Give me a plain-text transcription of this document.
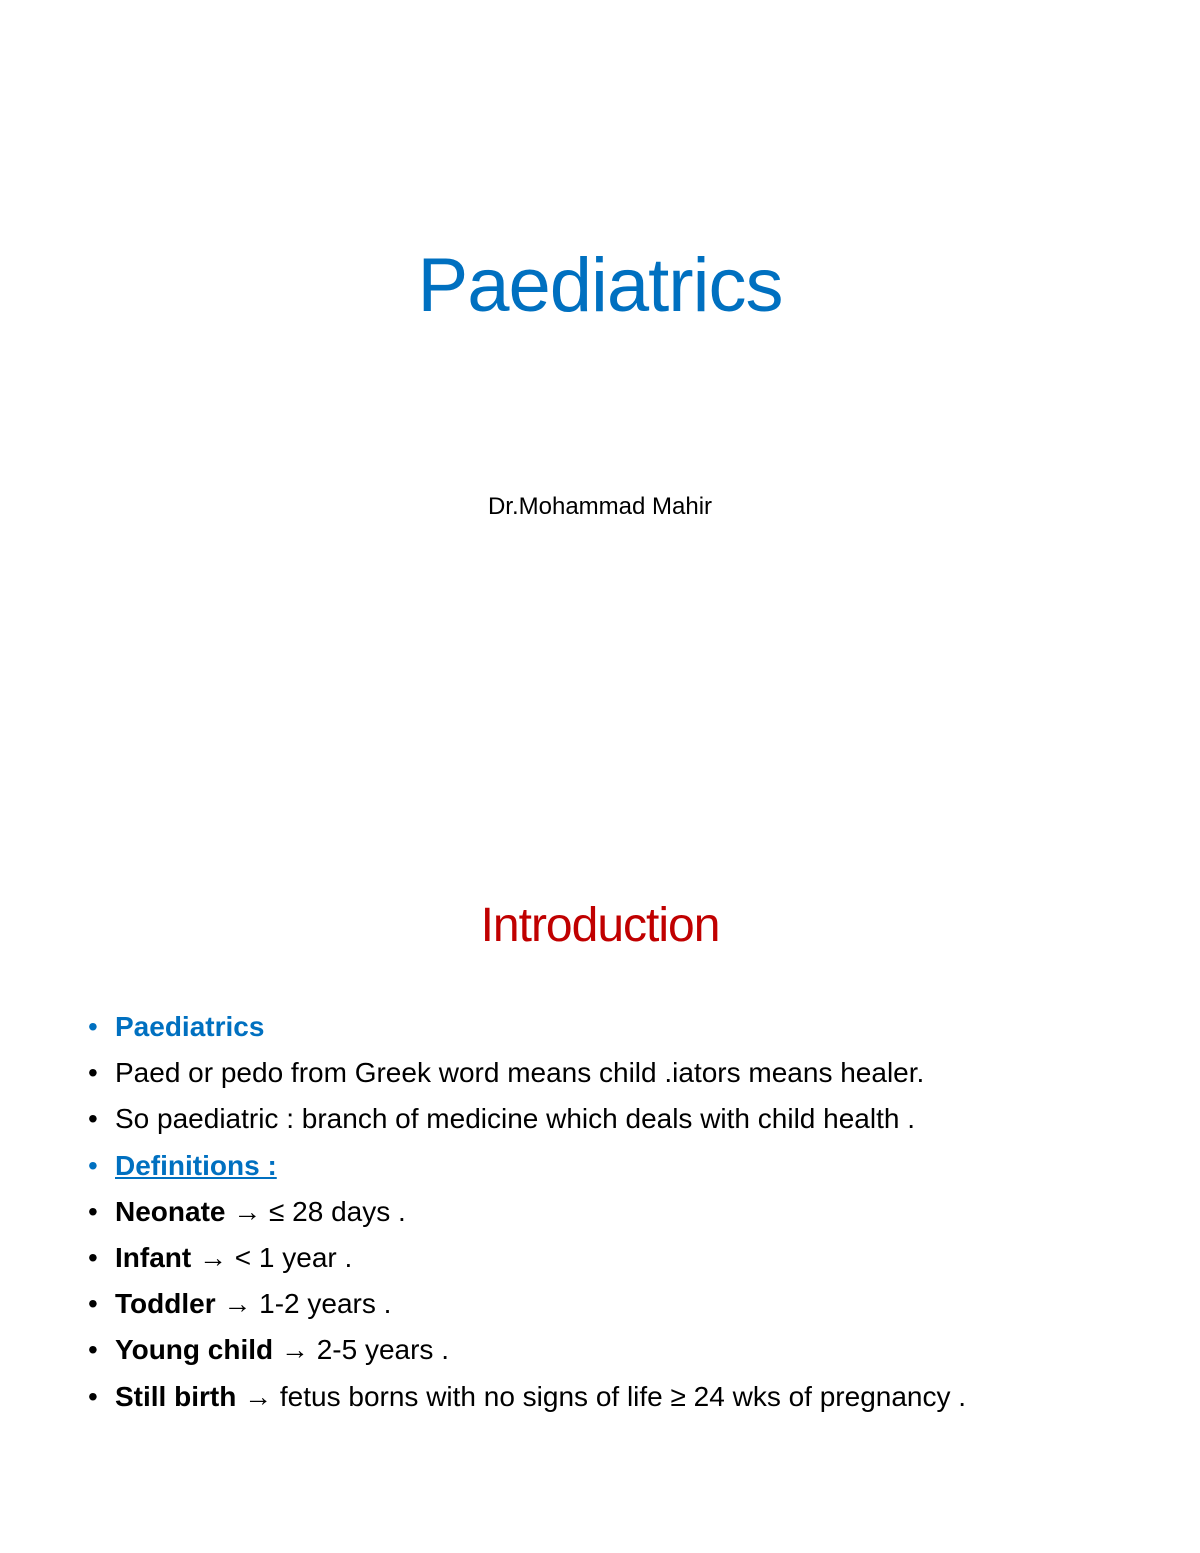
Paediatrics

Dr.Mohammad Mahir

Introduction
• Paediatrics
• Paed or pedo from Greek word means child .iators means healer.
• So paediatric : branch of medicine which deals with child health .
• Definitions :
• Neonate → ≤ 28 days .
• Infant → < 1 year .
• Toddler → 1-2 years .
• Young child → 2-5 years .
• Still birth → fetus borns with no signs of life ≥ 24 wks of pregnancy .
